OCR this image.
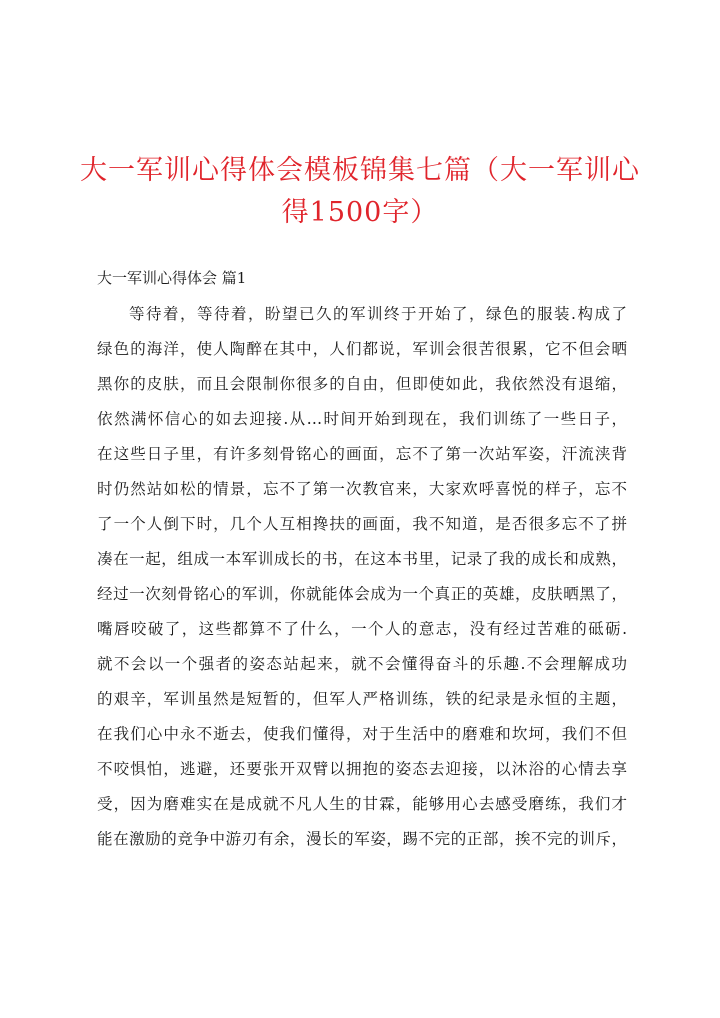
大一军训心得体会模板锦集七篇（大一军训心
得1500字）

大一军训心得体会 篇1

等待着，等待着，盼望已久的军训终于开始了，绿色的服装.构成了
绿色的海洋，使人陶醉在其中，人们都说，军训会很苦很累，它不但会晒
黑你的皮肤，而且会限制你很多的自由，但即使如此，我依然没有退缩，
依然满怀信心的如去迎接.从…时间开始到现在，我们训练了一些日子，
在这些日子里，有许多刻骨铭心的画面，忘不了第一次站军姿，汗流浃背
时仍然站如松的情景，忘不了第一次教官来，大家欢呼喜悦的样子，忘不
了一个人倒下时，几个人互相搀扶的画面，我不知道，是否很多忘不了拼
凑在一起，组成一本军训成长的书，在这本书里，记录了我的成长和成熟，
经过一次刻骨铭心的军训，你就能体会成为一个真正的英雄，皮肤晒黑了，
嘴唇咬破了，这些都算不了什么，一个人的意志，没有经过苦难的砥砺.
就不会以一个强者的姿态站起来，就不会懂得奋斗的乐趣.不会理解成功
的艰辛，军训虽然是短暂的，但军人严格训练，铁的纪录是永恒的主题，
在我们心中永不逝去，使我们懂得，对于生活中的磨难和坎坷，我们不但
不咬惧怕，逃避，还要张开双臂以拥抱的姿态去迎接，以沐浴的心情去享
受，因为磨难实在是成就不凡人生的甘霖，能够用心去感受磨练，我们才
能在激励的竞争中游刃有余，漫长的军姿，踢不完的正部，挨不完的训斥，
